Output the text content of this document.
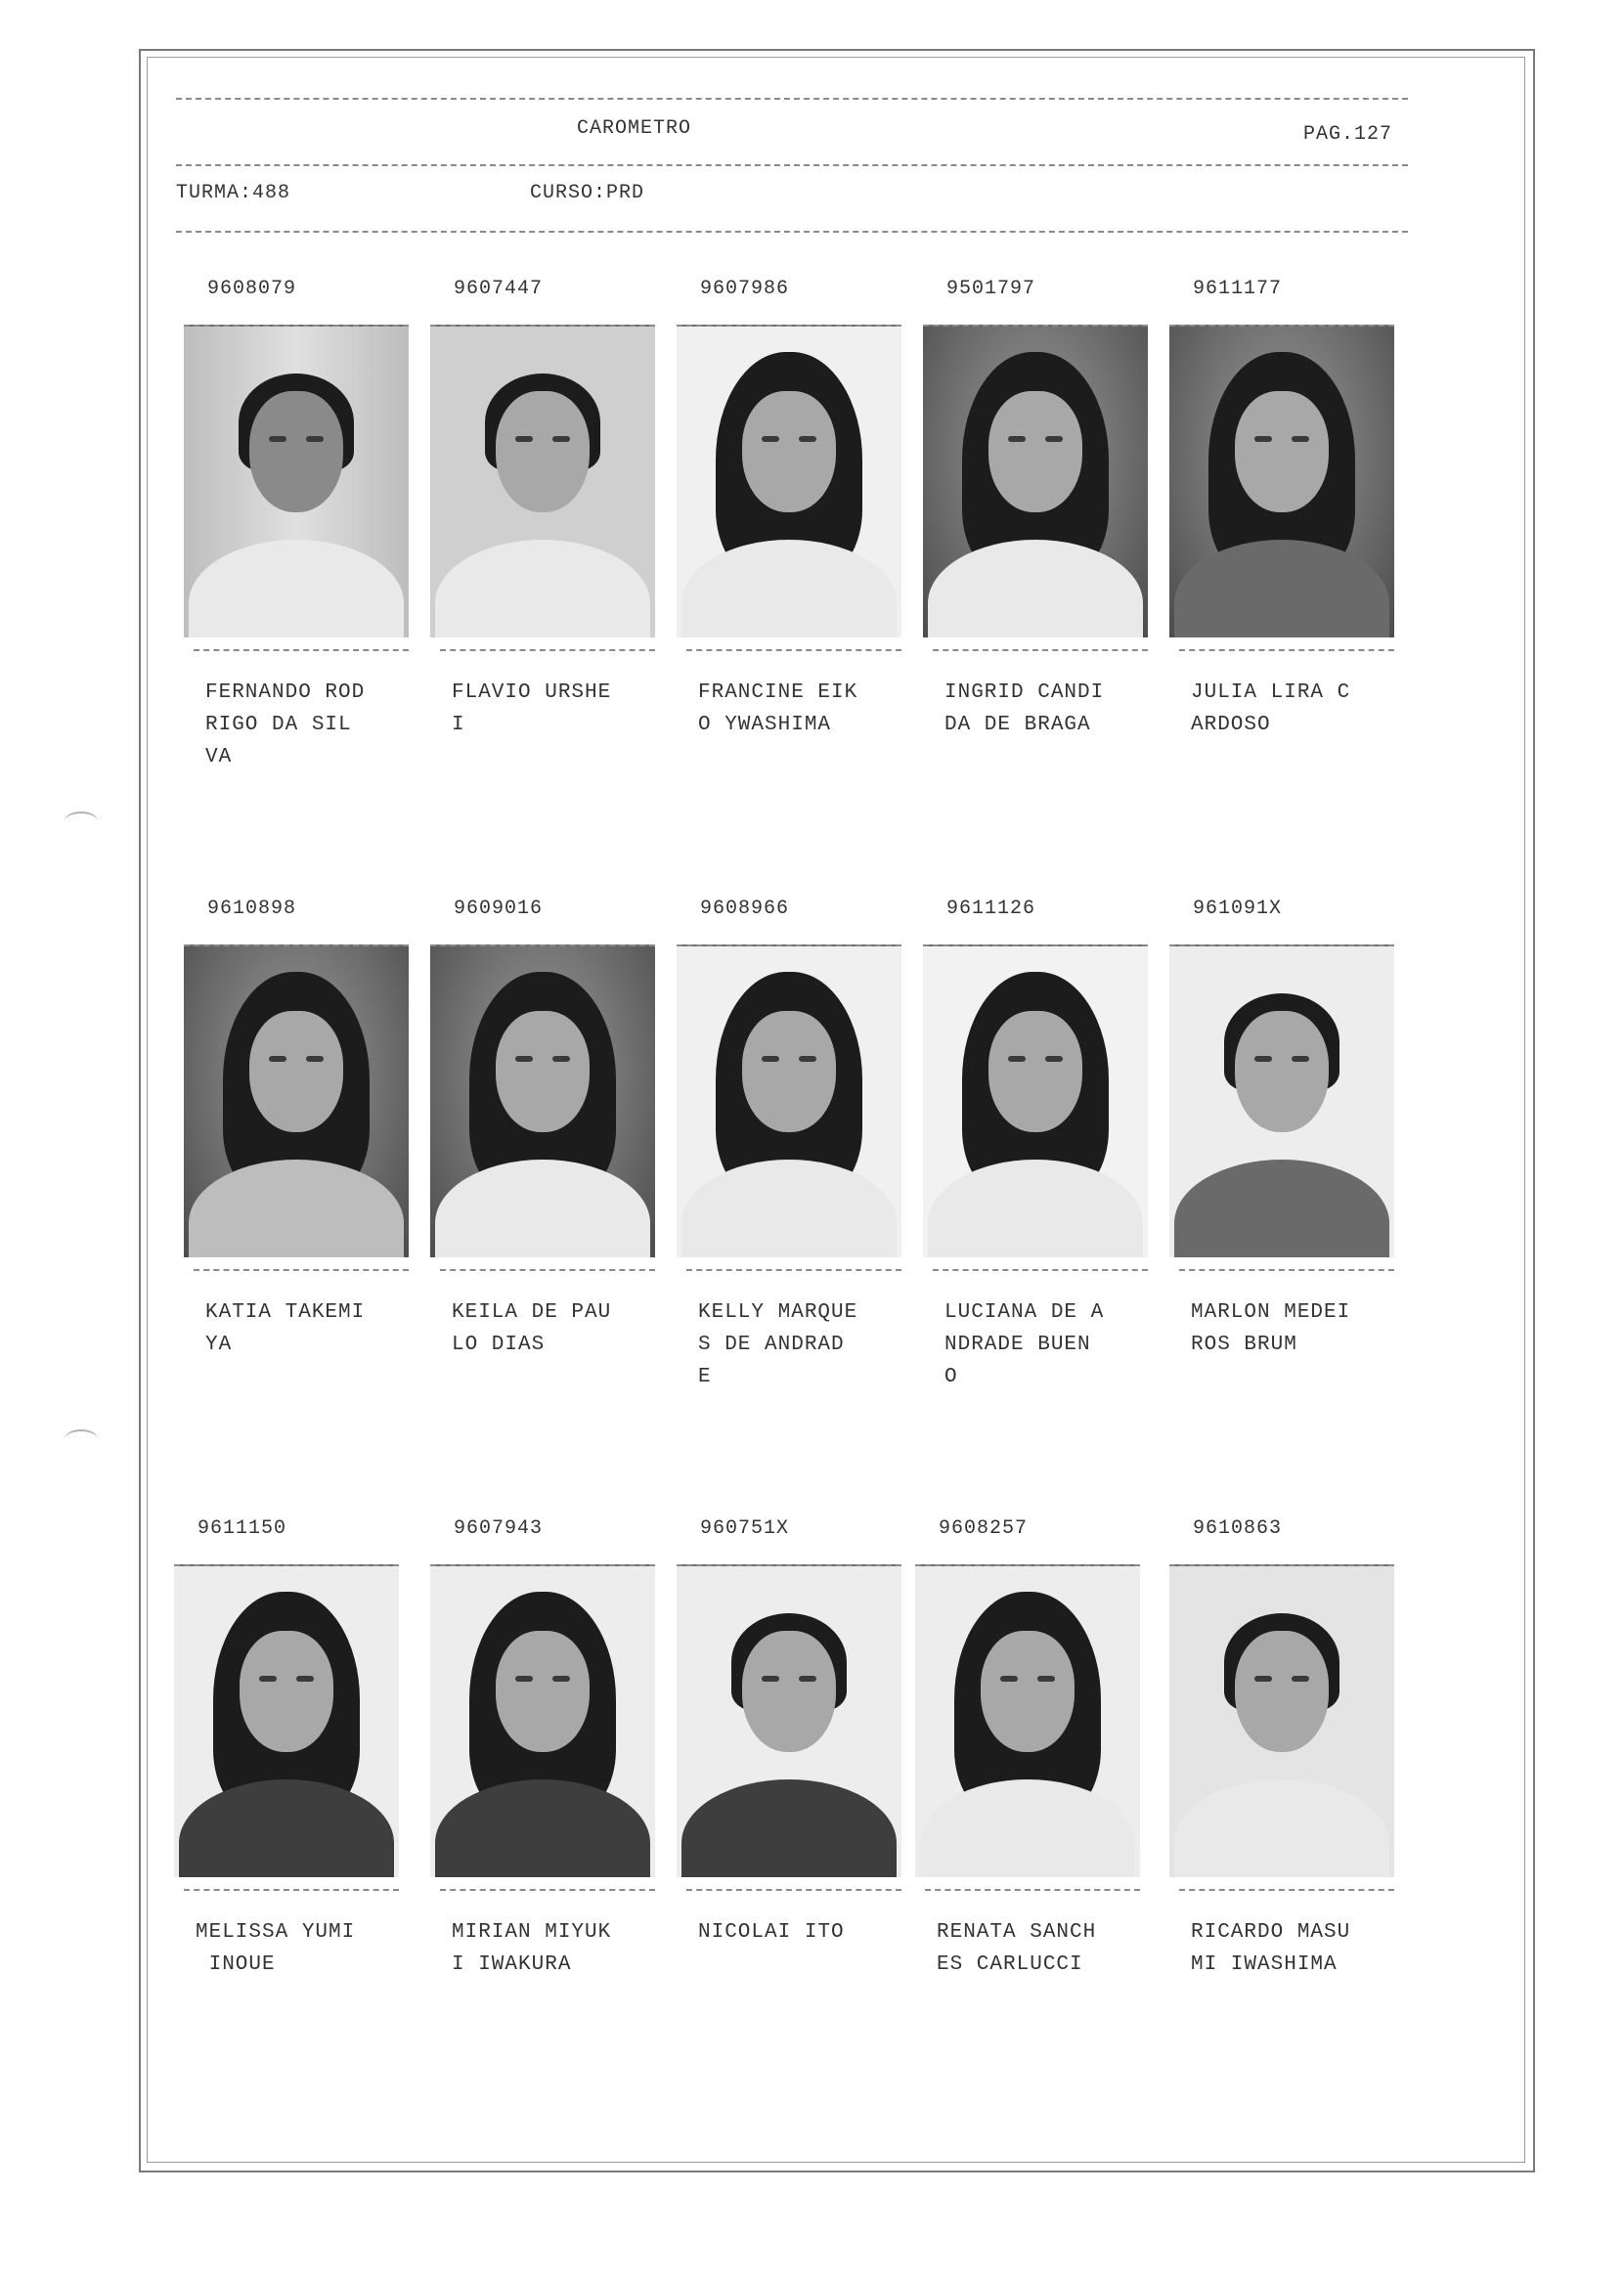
CAROMETRO	PAG.127
TURMA:488	CURSO:PRD
9608079
FERNANDO ROD
RIGO DA SIL
VA
9607447
FLAVIO URSHE
I
9607986
FRANCINE EIK
O YWASHIMA
9501797
INGRID CANDI
DA DE BRAGA
9611177
JULIA LIRA C
ARDOSO
9610898
KATIA TAKEMI
YA
9609016
KEILA DE PAU
LO DIAS
9608966
KELLY MARQUE
S DE ANDRAD
E
9611126
LUCIANA DE A
NDRADE BUEN
O
961091X
MARLON MEDEI
ROS BRUM
9611150
MELISSA YUMI
INOUE
9607943
MIRIAN MIYUK
I IWAKURA
960751X
NICOLAI ITO
9608257
RENATA SANCH
ES CARLUCCI
9610863
RICARDO MASU
MI IWASHIMA
